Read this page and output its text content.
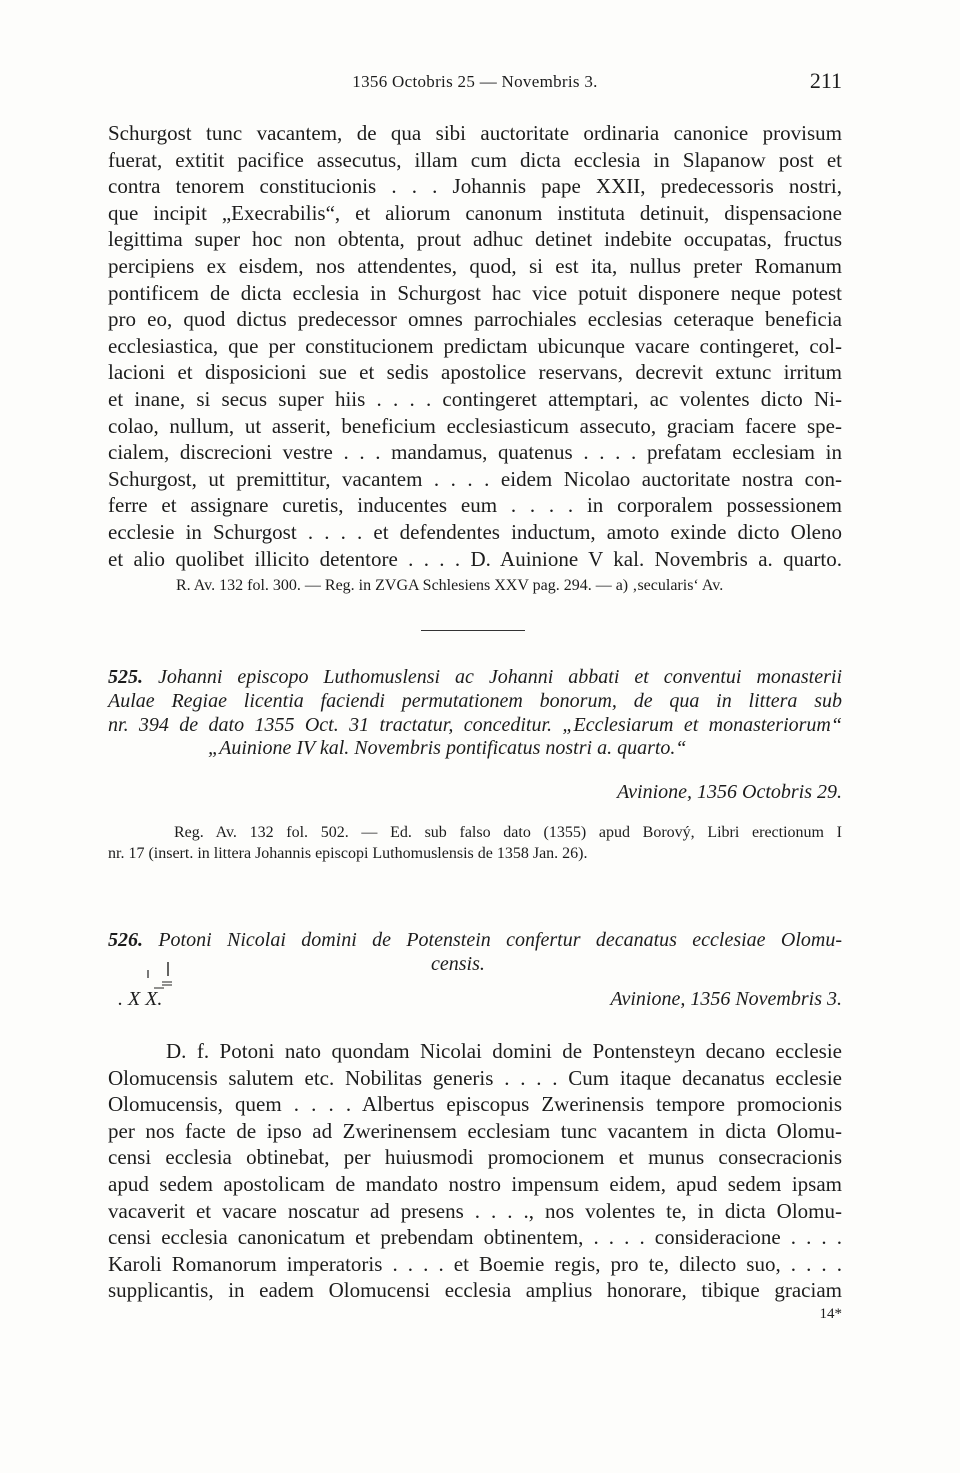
1356 Octobris 25 — Novembris 3.	211

Schurgost tunc vacantem, de qua sibi auctoritate ordinaria canonice provisum

fuerat, extitit pacifice assecutus, illam cum dicta ecclesia in Slapanow post et

contra tenorem constitucionis . . . Johannis pape XXII, predecessoris nostri,

que incipit „Execrabilis“, et aliorum canonum instituta detinuit, dispensacione

legittima super hoc non obtenta, prout adhuc detinet indebite occupatas, fructus

percipiens ex eisdem, nos attendentes, quod, si est ita, nullus preter Romanum

pontificem de dicta ecclesia in Schurgost hac vice potuit disponere neque potest

pro eo, quod dictus predecessor omnes parrochiales ecclesias ceteraque beneficia

ecclesiastica, que per constitucionem predictam ubicunque vacare contingeret, col-

lacioni et disposicioni sue et sedis apostolice reservans, decrevit extunc irritum

et inane, si secus super hiis . . . . contingeret attemptari, ac volentes dicto Ni-

colao, nullum, ut asserit, beneficium ecclesiasticum assecuto, graciam facere spe-

cialem, discrecioni vestre . . . mandamus, quatenus . . . . prefatam ecclesiam in

Schurgost, ut premittitur, vacantem . . . . eidem Nicolao auctoritate nostra con-

ferre et assignare curetis, inducentes eum . . . . in corporalem possessionem

ecclesie in Schurgost . . . . et defendentes inductum, amoto exinde dicto Oleno

et alio quolibet illicito detentore . . . . D. Auinione V kal. Novembris a. quarto.

R. Av. 132 fol. 300. — Reg. in ZVGA Schlesiens XXV pag. 294. — a) ‚secularis‘ Av.

525. Johanni episcopo Luthomuslensi ac Johanni abbati et conventui monasterii

Aulae Regiae licentia faciendi permutationem bonorum, de qua in littera sub

nr. 394 de dato 1355 Oct. 31 tractatur, conceditur. „Ecclesiarum et monasteriorum“

„Auinione IV kal. Novembris pontificatus nostri a. quarto.“

Avinione, 1356 Octobris 29.

Reg. Av. 132 fol. 502. — Ed. sub falso dato (1355) apud Borový, Libri erectionum I

nr. 17 (insert. in littera Johannis episcopi Luthomuslensis de 1358 Jan. 26).

526. Potoni Nicolai domini de Potenstein confertur decanatus ecclesiae Olomu-

censis.

. X X.	Avinione, 1356 Novembris 3.

D. f. Potoni nato quondam Nicolai domini de Pontensteyn decano ecclesie

Olomucensis salutem etc. Nobilitas generis . . . . Cum itaque decanatus ecclesie

Olomucensis, quem . . . . Albertus episcopus Zwerinensis tempore promocionis

per nos facte de ipso ad Zwerinensem ecclesiam tunc vacantem in dicta Olomu-

censi ecclesia obtinebat, per huiusmodi promocionem et munus consecracionis

apud sedem apostolicam de mandato nostro impensum eidem, apud sedem ipsam

vacaverit et vacare noscatur ad presens . . . ., nos volentes te, in dicta Olomu-

censi ecclesia canonicatum et prebendam obtinentem, . . . . consideracione . . . .

Karoli Romanorum imperatoris . . . . et Boemie regis, pro te, dilecto suo, . . . .

supplicantis, in eadem Olomucensi ecclesia amplius honorare, tibique graciam

14*
